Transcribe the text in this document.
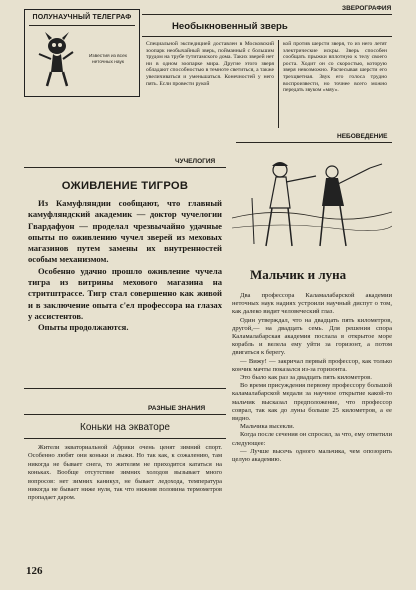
ПОЛУНАУЧНЫЙ ТЕЛЕГРАФ
Известия из всех неточных наук
ЗВЕРОГРАФИЯ
Необыкновенный зверь
Специальной экспедицией доставлен в Московский зоопарк необычайный зверь, пойманный с большим трудом на трубе тутитамского дома. Таких зверей нет ни в одном зоопарке мира. Другие этого зверя обладают способностью в темноте светиться, а также увеличиваться и уменьшаться. Конечностей у него пять. Если провести рукой
кой против шерсти зверя, то из него летят электрические искры. Зверь способен сообщать прыжки вплотную к телу своего роста. Ходит он со скоростью, которую зверя невозможно. Расчесывая шерсти его трехцветная. Звук его голоса трудно воспроизвести, но точнее всего можно передать звуком «мяу».
НЕБОВЕДЕНИЕ
ЧУЧЕЛОГИЯ
ОЖИВЛЕНИЕ ТИГРОВ

Из Камуфляндии сообщают, что главный камуфляндский академик — доктор чучелогии Гвардафуон — проделал чрезвычайно удачные опыты по оживлению чучел зверей из меховых магазинов путем замены их внутренностей особым механизмом.

Особенно удачно прошло оживление чучела тигра из витрины мехового магазина на стритштрассе. Тигр стал совершенно как живой и в заключение опыта с'ел профессора на глазах у ассистентов.

Опыты продолжаются.

Мальчик и луна

Два профессора Каламалабарской академии неточных наук надиях устроили научный диспут о том, как далеко видит человеческий глаз.

Один утверждал, что на двадцать пять километров, другой,— на двадцать семь. Для решения спора Каламалабарская академия послала в открытое море корабль и велела ему уйти за горизонт, а потом двигаться к берегу.

— Вижу! — закричал первый профессор, как только кончик мачты показался из-за горизонта.

Это было как раз за двадцать пять километров.

Во время присуждения первому профессору большой каламалабарской медали за научное открытие какой-то мальчик высказал предположение, что профессор соврал, так как до луны больше 25 километров, а ее видно.

Мальчика высекли.

Когда после сечения он спросил, за что, ему ответили следующее:

— Лучше высечь одного мальчика, чем опозорить целую академию.

РАЗНЫЕ ЗНАНИЯ
Коньки на экваторе
Жители экваториальной Африки очень ценят зимний спорт. Особенно любят они коньки и лыжи. Но так как, к сожалению, там никогда не бывает снега, то жителям не приходится кататься на коньках. Вообще отсутствие зимних холодов вызывает много вопросов: нет зимних каникул, не бывает ледохода, температура никогда не бывает ниже нуля, так что нижняя половина термометров пропадает даром.
126
